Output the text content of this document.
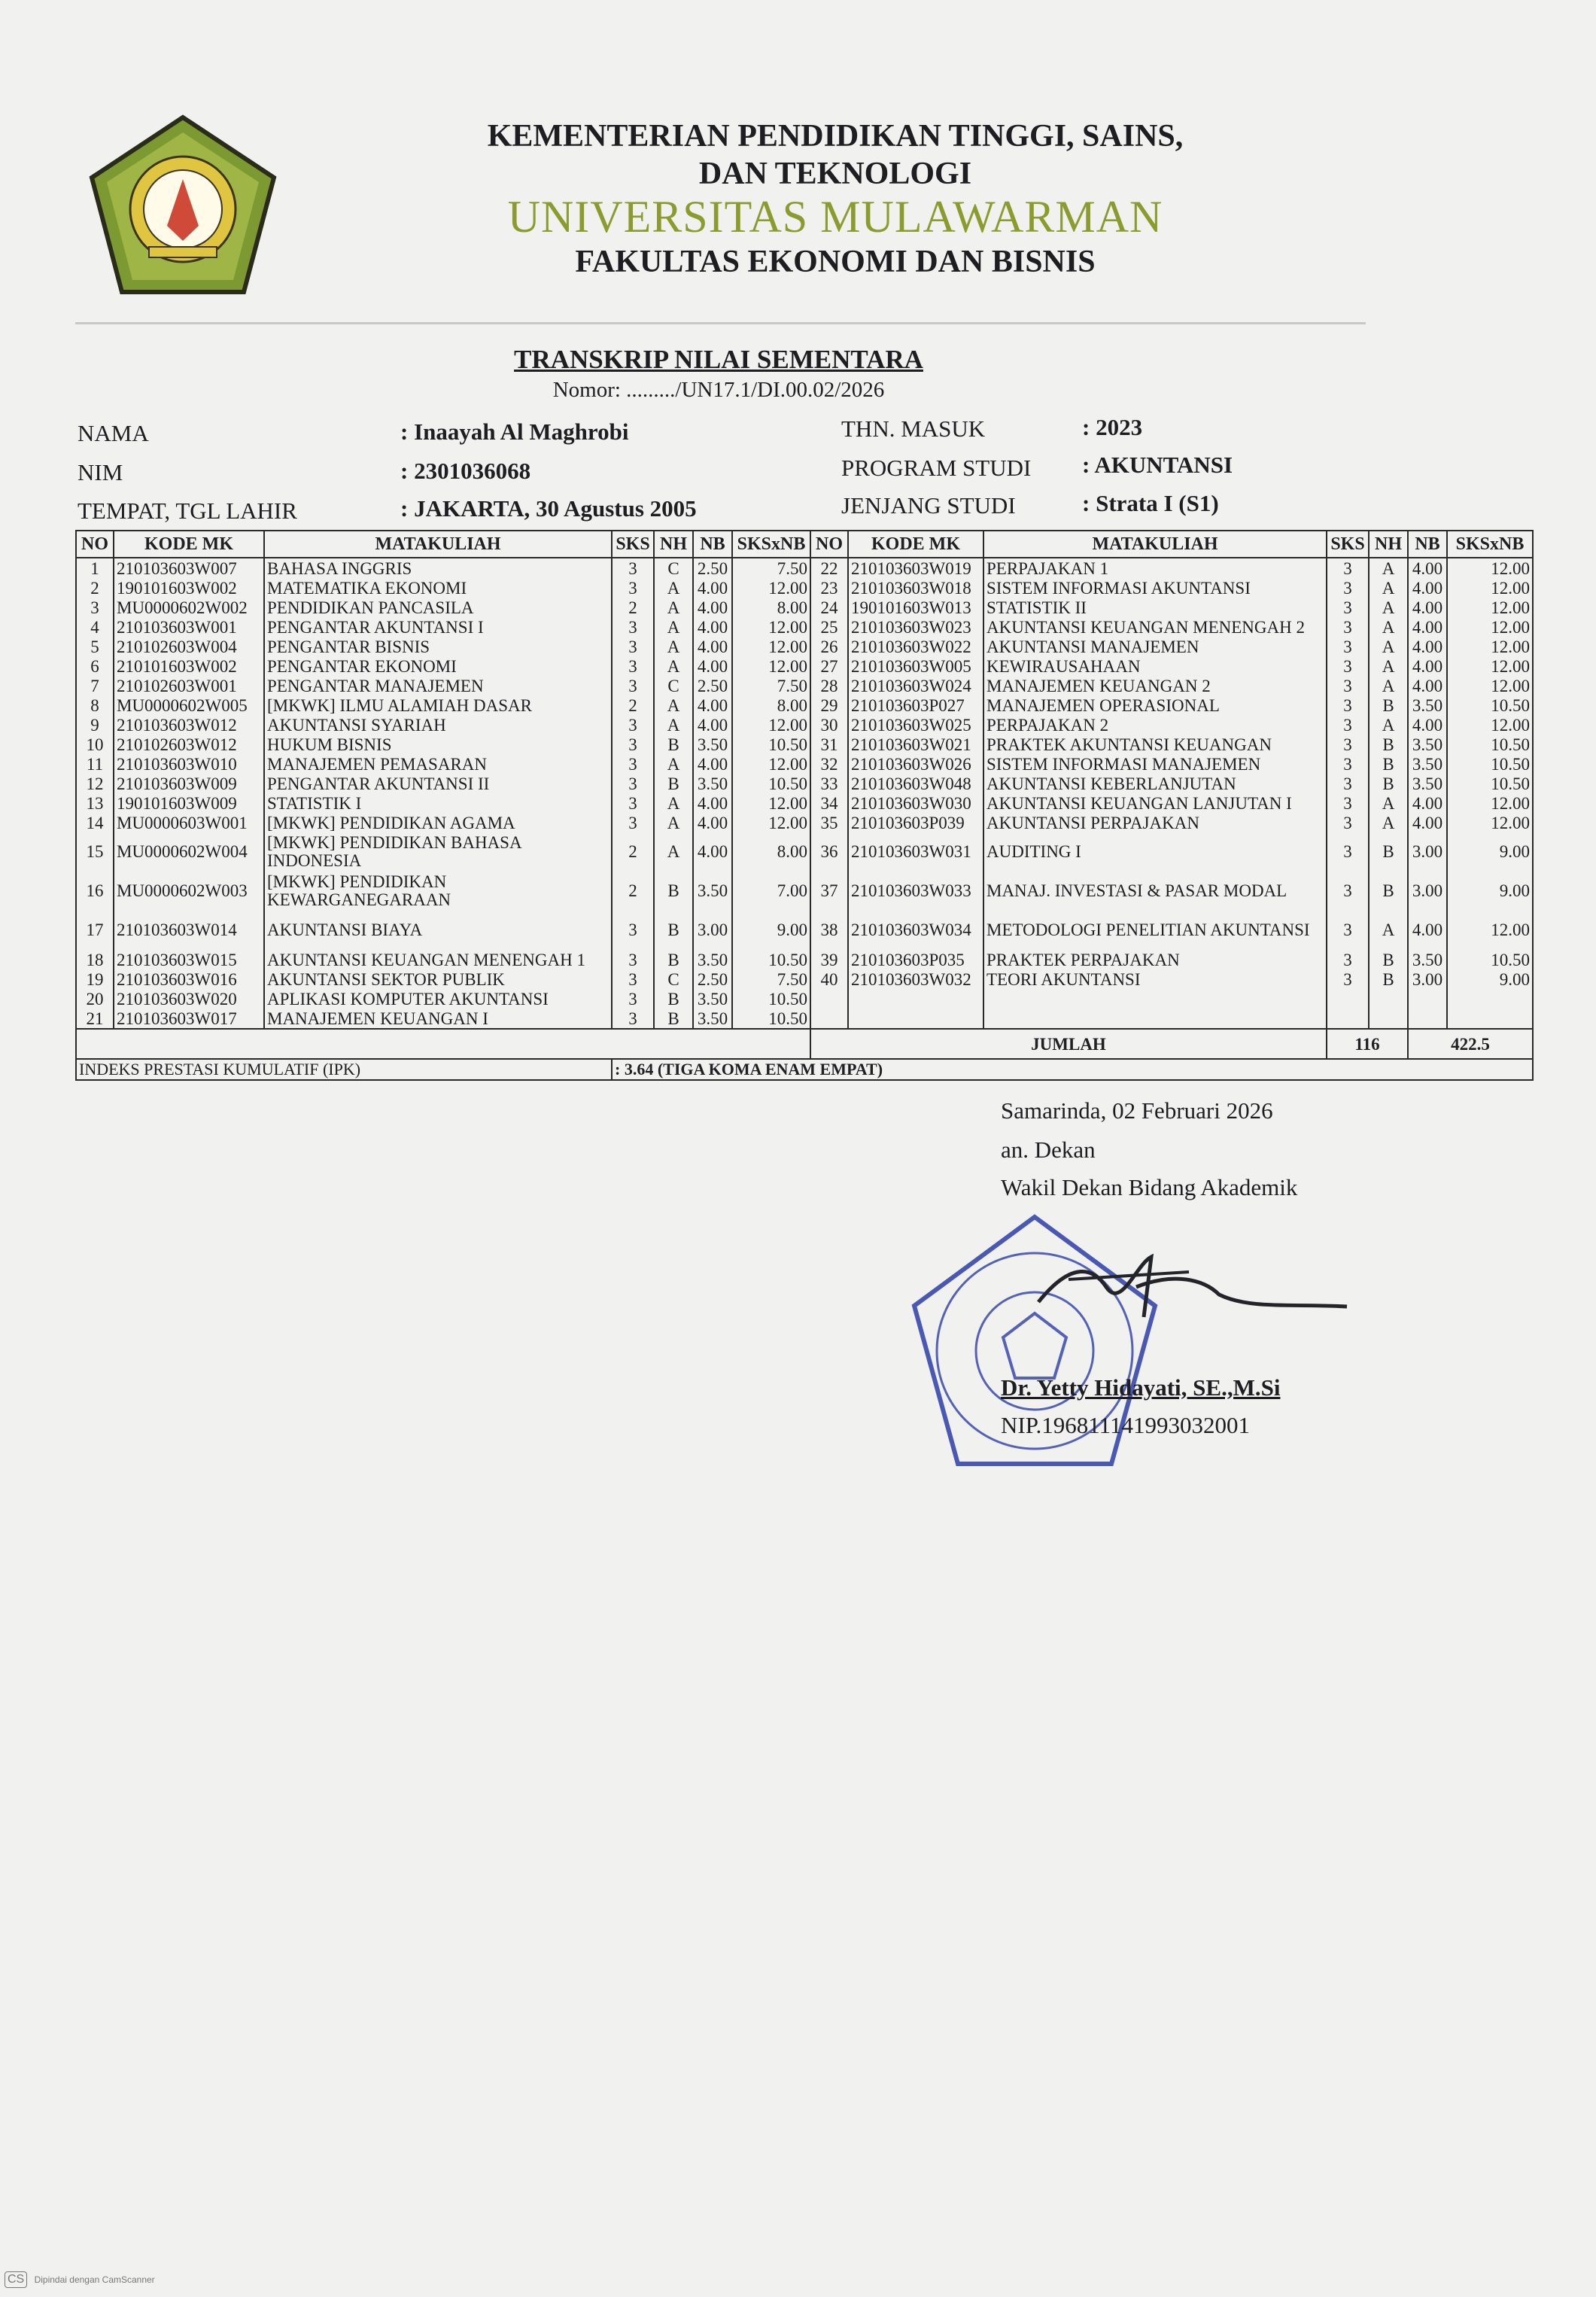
KEMENTERIAN PENDIDIKAN TINGGI, SAINS,
DAN TEKNOLOGI
UNIVERSITAS MULAWARMAN
FAKULTAS EKONOMI DAN BISNIS
TRANSKRIP NILAI SEMENTARA
Nomor: ........./UN17.1/DI.00.02/2026
NAMA	: Inaayah Al Maghrobi
NIM	: 2301036068
TEMPAT, TGL LAHIR	: JAKARTA, 30 Agustus 2005
THN. MASUK	: 2023
PROGRAM STUDI : AKUNTANSI
JENJANG STUDI	: Strata I (S1)
NO	KODE MK	MATAKULIAH	SKS	NH	NB	SKSxNB	NO	KODE MK	MATAKULIAH	SKS	NH	NB	SKSxNB
1	210103603W007	BAHASA INGGRIS	3	C	2.50	7.50	22	210103603W019	PERPAJAKAN 1	3	A	4.00	12.00
2	190101603W002	MATEMATIKA EKONOMI	3	A	4.00	12.00	23	210103603W018	SISTEM INFORMASI AKUNTANSI	3	A	4.00	12.00
3	MU0000602W002	PENDIDIKAN PANCASILA	2	A	4.00	8.00	24	190101603W013	STATISTIK II	3	A	4.00	12.00
4	210103603W001	PENGANTAR AKUNTANSI I	3	A	4.00	12.00	25	210103603W023	AKUNTANSI KEUANGAN MENENGAH 2	3	A	4.00	12.00
5	210102603W004	PENGANTAR BISNIS	3	A	4.00	12.00	26	210103603W022	AKUNTANSI MANAJEMEN	3	A	4.00	12.00
6	210101603W002	PENGANTAR EKONOMI	3	A	4.00	12.00	27	210103603W005	KEWIRAUSAHAAN	3	A	4.00	12.00
7	210102603W001	PENGANTAR MANAJEMEN	3	C	2.50	7.50	28	210103603W024	MANAJEMEN KEUANGAN 2	3	A	4.00	12.00
8	MU0000602W005	[MKWK] ILMU ALAMIAH DASAR	2	A	4.00	8.00	29	210103603P027	MANAJEMEN OPERASIONAL	3	B	3.50	10.50
9	210103603W012	AKUNTANSI SYARIAH	3	A	4.00	12.00	30	210103603W025	PERPAJAKAN 2	3	A	4.00	12.00
10	210102603W012	HUKUM BISNIS	3	B	3.50	10.50	31	210103603W021	PRAKTEK AKUNTANSI KEUANGAN	3	B	3.50	10.50
11	210103603W010	MANAJEMEN PEMASARAN	3	A	4.00	12.00	32	210103603W026	SISTEM INFORMASI MANAJEMEN	3	B	3.50	10.50
12	210103603W009	PENGANTAR AKUNTANSI II	3	B	3.50	10.50	33	210103603W048	AKUNTANSI KEBERLANJUTAN	3	B	3.50	10.50
13	190101603W009	STATISTIK I	3	A	4.00	12.00	34	210103603W030	AKUNTANSI KEUANGAN LANJUTAN I	3	A	4.00	12.00
14	MU0000603W001	[MKWK] PENDIDIKAN AGAMA	3	A	4.00	12.00	35	210103603P039	AKUNTANSI PERPAJAKAN	3	A	4.00	12.00
15	MU0000602W004	[MKWK] PENDIDIKAN BAHASA INDONESIA	2	A	4.00	8.00	36	210103603W031	AUDITING I	3	B	3.00	9.00
16	MU0000602W003	[MKWK] PENDIDIKAN KEWARGANEGARAAN	2	B	3.50	7.00	37	210103603W033	MANAJ. INVESTASI & PASAR MODAL	3	B	3.00	9.00
17	210103603W014	AKUNTANSI BIAYA	3	B	3.00	9.00	38	210103603W034	METODOLOGI PENELITIAN AKUNTANSI	3	A	4.00	12.00
18	210103603W015	AKUNTANSI KEUANGAN MENENGAH 1	3	B	3.50	10.50	39	210103603P035	PRAKTEK PERPAJAKAN	3	B	3.50	10.50
19	210103603W016	AKUNTANSI SEKTOR PUBLIK	3	C	2.50	7.50	40	210103603W032	TEORI AKUNTANSI	3	B	3.00	9.00
20	210103603W020	APLIKASI KOMPUTER AKUNTANSI	3	B	3.50	10.50							
21	210103603W017	MANAJEMEN KEUANGAN I	3	B	3.50	10.50							
							JUMLAH			116		422.5	
INDEKS PRESTASI KUMULATIF (IPK)			: 3.64 (TIGA KOMA ENAM EMPAT)										
Samarinda, 02 Februari 2026
an. Dekan
Wakil Dekan Bidang Akademik
Dr. Yetty Hidayati, SE.,M.Si
NIP.196811141993032001
CS Dipindai dengan CamScanner
